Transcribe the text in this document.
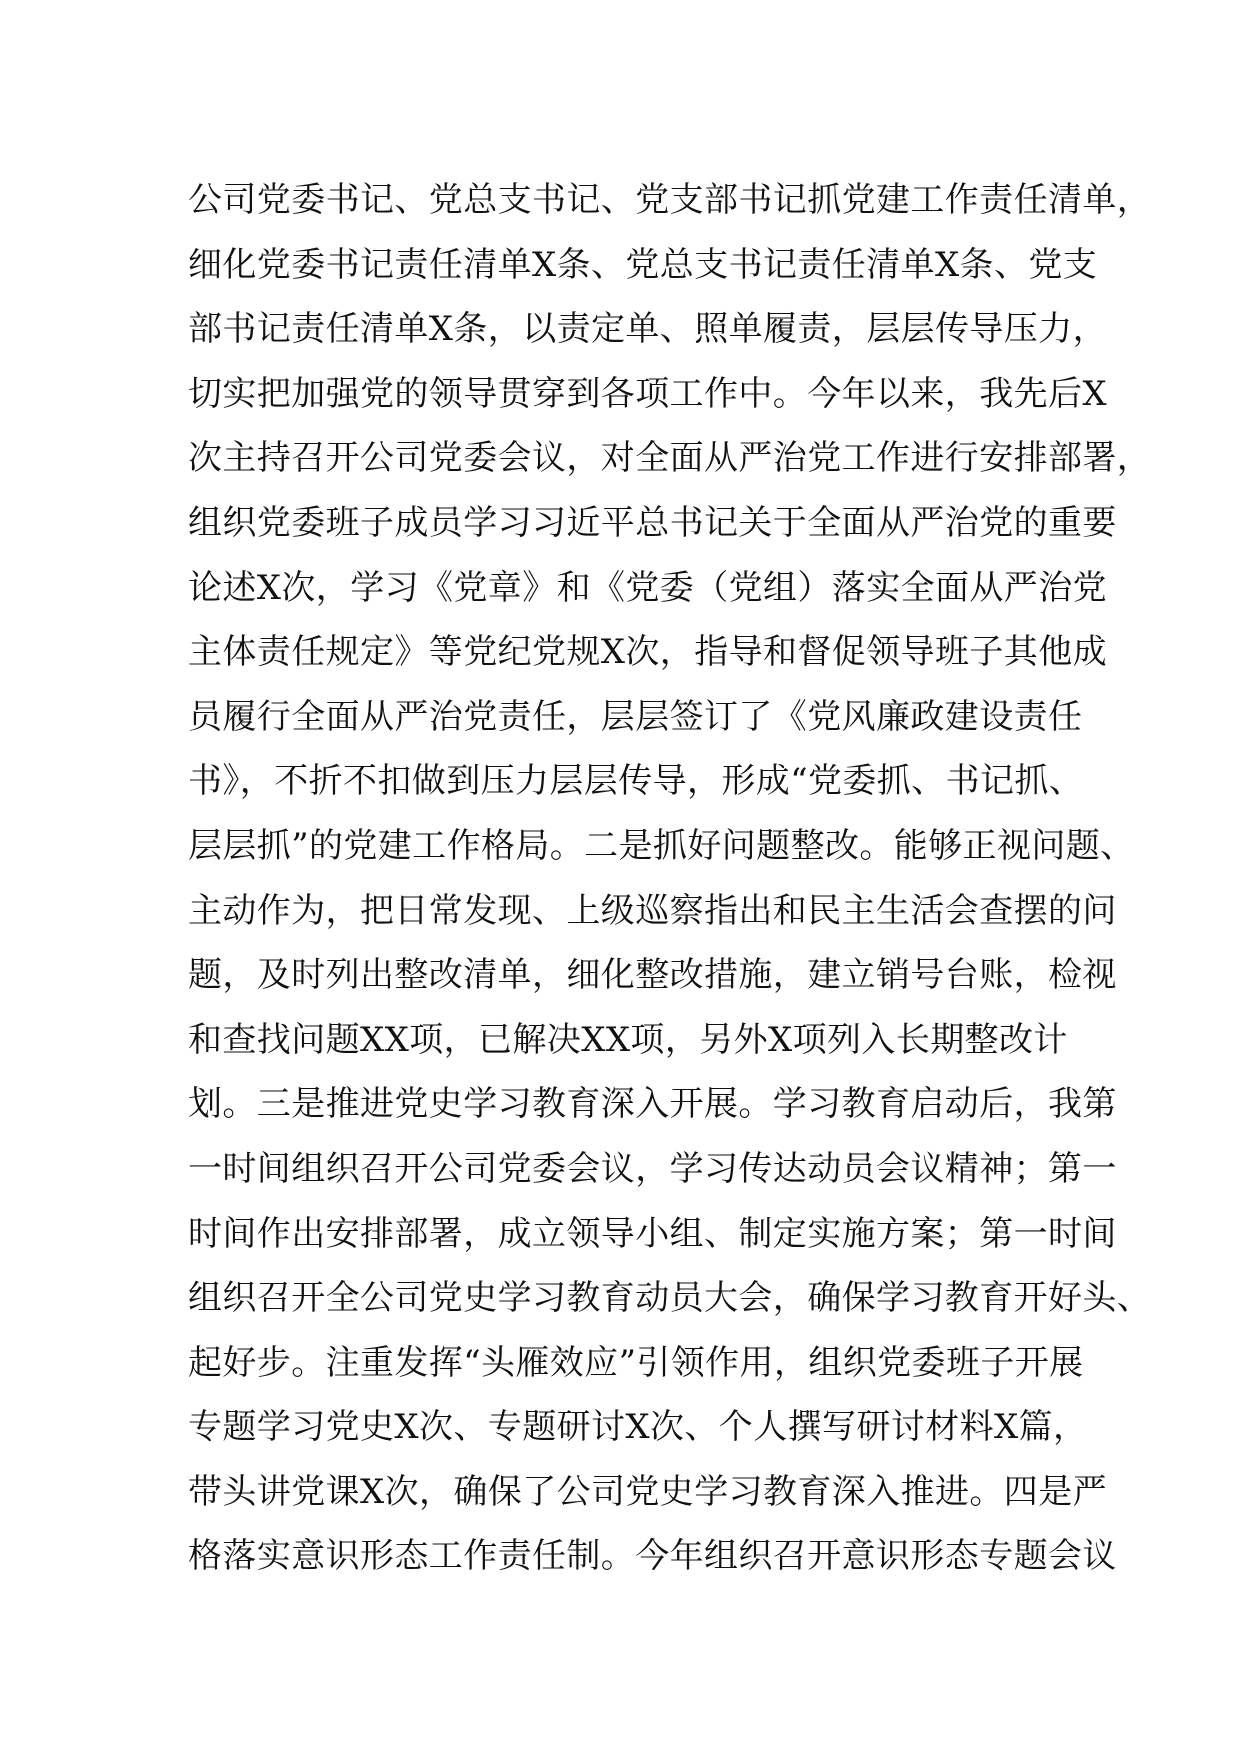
公司党委书记、党总支书记、党支部书记抓党建工作责任清单，
细化党委书记责任清单Ⅹ条、党总支书记责任清单Ⅹ条、党支
部书记责任清单Ⅹ条，以责定单、照单履责，层层传导压力，
切实把加强党的领导贯穿到各项工作中。今年以来，我先后Ⅹ
次主持召开公司党委会议，对全面从严治党工作进行安排部署，
组织党委班子成员学习习近平总书记关于全面从严治党的重要
论述Ⅹ次，学习《党章》和《党委（党组）落实全面从严治党
主体责任规定》等党纪党规Ⅹ次，指导和督促领导班子其他成
员履行全面从严治党责任，层层签订了《党风廉政建设责任
书》，不折不扣做到压力层层传导，形成“党委抓、书记抓、
层层抓”的党建工作格局。二是抓好问题整改。能够正视问题、
主动作为，把日常发现、上级巡察指出和民主生活会查摆的问
题，及时列出整改清单，细化整改措施，建立销号台账，检视
和查找问题ⅩⅩ项，已解决ⅩⅩ项，另外Ⅹ项列入长期整改计
划。三是推进党史学习教育深入开展。学习教育启动后，我第
一时间组织召开公司党委会议，学习传达动员会议精神；第一
时间作出安排部署，成立领导小组、制定实施方案；第一时间
组织召开全公司党史学习教育动员大会，确保学习教育开好头、
起好步。注重发挥“头雁效应”引领作用，组织党委班子开展
专题学习党史Ⅹ次、专题研讨Ⅹ次、个人撰写研讨材料Ⅹ篇，
带头讲党课Ⅹ次，确保了公司党史学习教育深入推进。四是严
格落实意识形态工作责任制。今年组织召开意识形态专题会议
